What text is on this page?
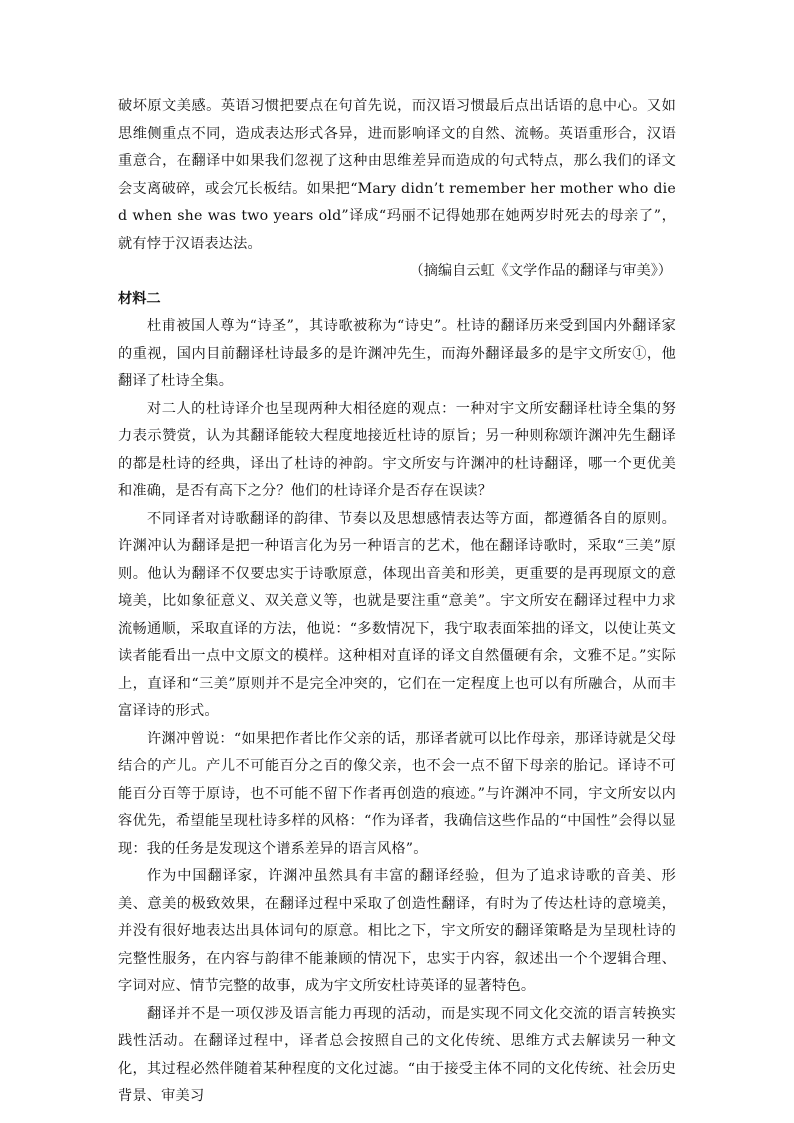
破坏原文美感。英语习惯把要点在句首先说，而汉语习惯最后点出话语的息中心。又如思维侧重点不同，造成表达形式各异，进而影响译文的自然、流畅。英语重形合，汉语重意合，在翻译中如果我们忽视了这种由思维差异而造成的句式特点，那么我们的译文会支离破碎，或会冗长板结。如果把“Mary didn’t remember her mother who died when she was two years old”译成“玛丽不记得她那在她两岁时死去的母亲了”，就有悖于汉语表达法。

（摘编自云虹《文学作品的翻译与审美》）

材料二

杜甫被国人尊为“诗圣”，其诗歌被称为“诗史”。杜诗的翻译历来受到国内外翻译家的重视，国内目前翻译杜诗最多的是许渊冲先生，而海外翻译最多的是宇文所安①，他翻译了杜诗全集。

对二人的杜诗译介也呈现两种大相径庭的观点：一种对宇文所安翻译杜诗全集的努力表示赞赏，认为其翻译能较大程度地接近杜诗的原旨；另一种则称颂许渊冲先生翻译的都是杜诗的经典，译出了杜诗的神韵。宇文所安与许渊冲的杜诗翻译，哪一个更优美和准确，是否有高下之分？他们的杜诗译介是否存在误读？

不同译者对诗歌翻译的韵律、节奏以及思想感情表达等方面，都遵循各自的原则。许渊冲认为翻译是把一种语言化为另一种语言的艺术，他在翻译诗歌时，采取“三美”原则。他认为翻译不仅要忠实于诗歌原意，体现出音美和形美，更重要的是再现原文的意境美，比如象征意义、双关意义等，也就是要注重“意美”。宇文所安在翻译过程中力求流畅通顺，采取直译的方法，他说：“多数情况下，我宁取表面笨拙的译文，以使让英文读者能看出一点中文原文的模样。这种相对直译的译文自然僵硬有余，文雅不足。”实际上，直译和“三美”原则并不是完全冲突的，它们在一定程度上也可以有所融合，从而丰富译诗的形式。

许渊冲曾说：“如果把作者比作父亲的话，那译者就可以比作母亲，那译诗就是父母结合的产儿。产儿不可能百分之百的像父亲，也不会一点不留下母亲的胎记。译诗不可能百分百等于原诗，也不可能不留下作者再创造的痕迹。”与许渊冲不同，宇文所安以内容优先，希望能呈现杜诗多样的风格：“作为译者，我确信这些作品的“中国性”会得以显现：我的任务是发现这个谱系差异的语言风格”。

作为中国翻译家，许渊冲虽然具有丰富的翻译经验，但为了追求诗歌的音美、形美、意美的极致效果，在翻译过程中采取了创造性翻译，有时为了传达杜诗的意境美，并没有很好地表达出具体词句的原意。相比之下，宇文所安的翻译策略是为呈现杜诗的完整性服务，在内容与韵律不能兼顾的情况下，忠实于内容，叙述出一个个逻辑合理、字词对应、情节完整的故事，成为宇文所安杜诗英译的显著特色。

翻译并不是一项仅涉及语言能力再现的活动，而是实现不同文化交流的语言转换实践性活动。在翻译过程中，译者总会按照自己的文化传统、思维方式去解读另一种文化，其过程必然伴随着某种程度的文化过滤。“由于接受主体不同的文化传统、社会历史背景、审美习
